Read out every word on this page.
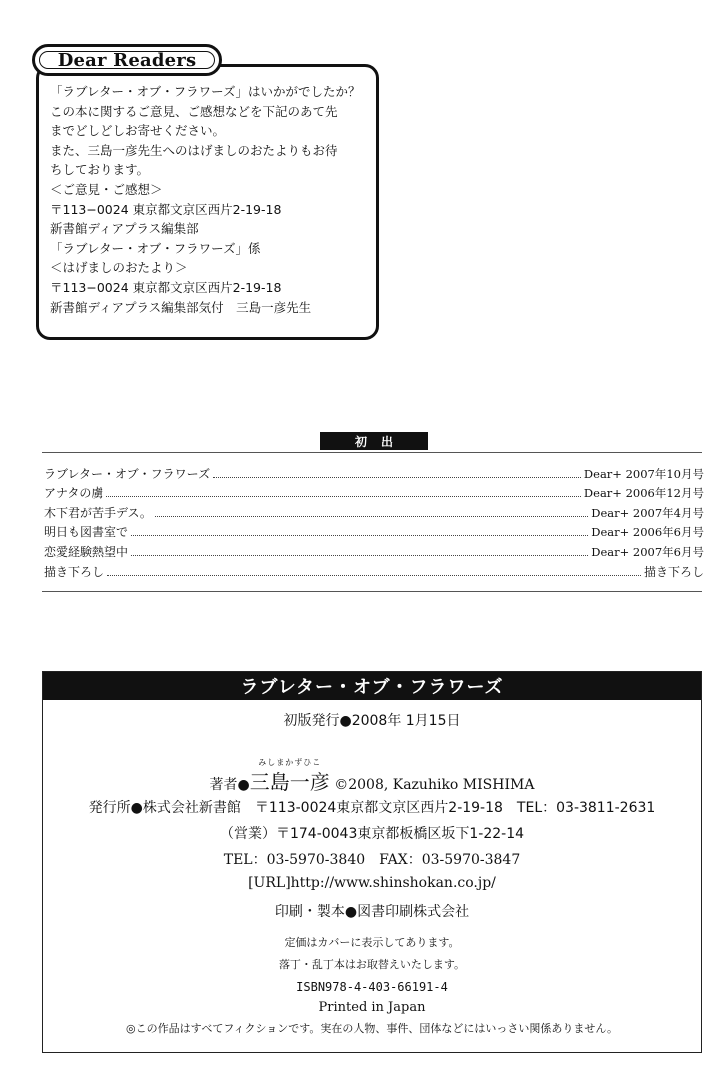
Dear Readers
「ラブレター・オブ・フラワーズ」はいかがでしたか？
この本に関するご意見、ご感想などを下記のあて先
までどしどしお寄せください。
また、三島一彦先生へのはげましのおたよりもお待
ちしております。
＜ご意見・ご感想＞
〒113−0024 東京都文京区西片2-19-18
新書館ディアプラス編集部
「ラブレター・オブ・フラワーズ」係
＜はげましのおたより＞
〒113−0024 東京都文京区西片2-19-18
新書館ディアプラス編集部気付　三島一彦先生
初出
ラブレター・オブ・フラワーズ	Dear+ 2007年10月号
アナタの虜	Dear+ 2006年12月号
木下君が苦手デス。	Dear+ 2007年4月号
明日も図書室で	Dear+ 2006年6月号
恋愛経験熱望中	Dear+ 2007年6月号
描き下ろし	描き下ろし
ラブレター・オブ・フラワーズ
初版発行●2008年 1月15日
著者●
みしまかずひこ
三島一彦 ©2008, Kazuhiko MISHIMA
発行所●株式会社新書館　〒113-0024東京都文京区西片2-19-18　TEL：03-3811-2631
（営業）〒174-0043東京都板橋区坂下1-22-14
TEL：03-5970-3840　FAX：03-5970-3847
[URL]http://www.shinshokan.co.jp/
印刷・製本●図書印刷株式会社
定価はカバーに表示してあります。
落丁・乱丁本はお取替えいたします。
ISBN978-4-403-66191-4
Printed in Japan
◎この作品はすべてフィクションです。実在の人物、事件、団体などにはいっさい関係ありません。
